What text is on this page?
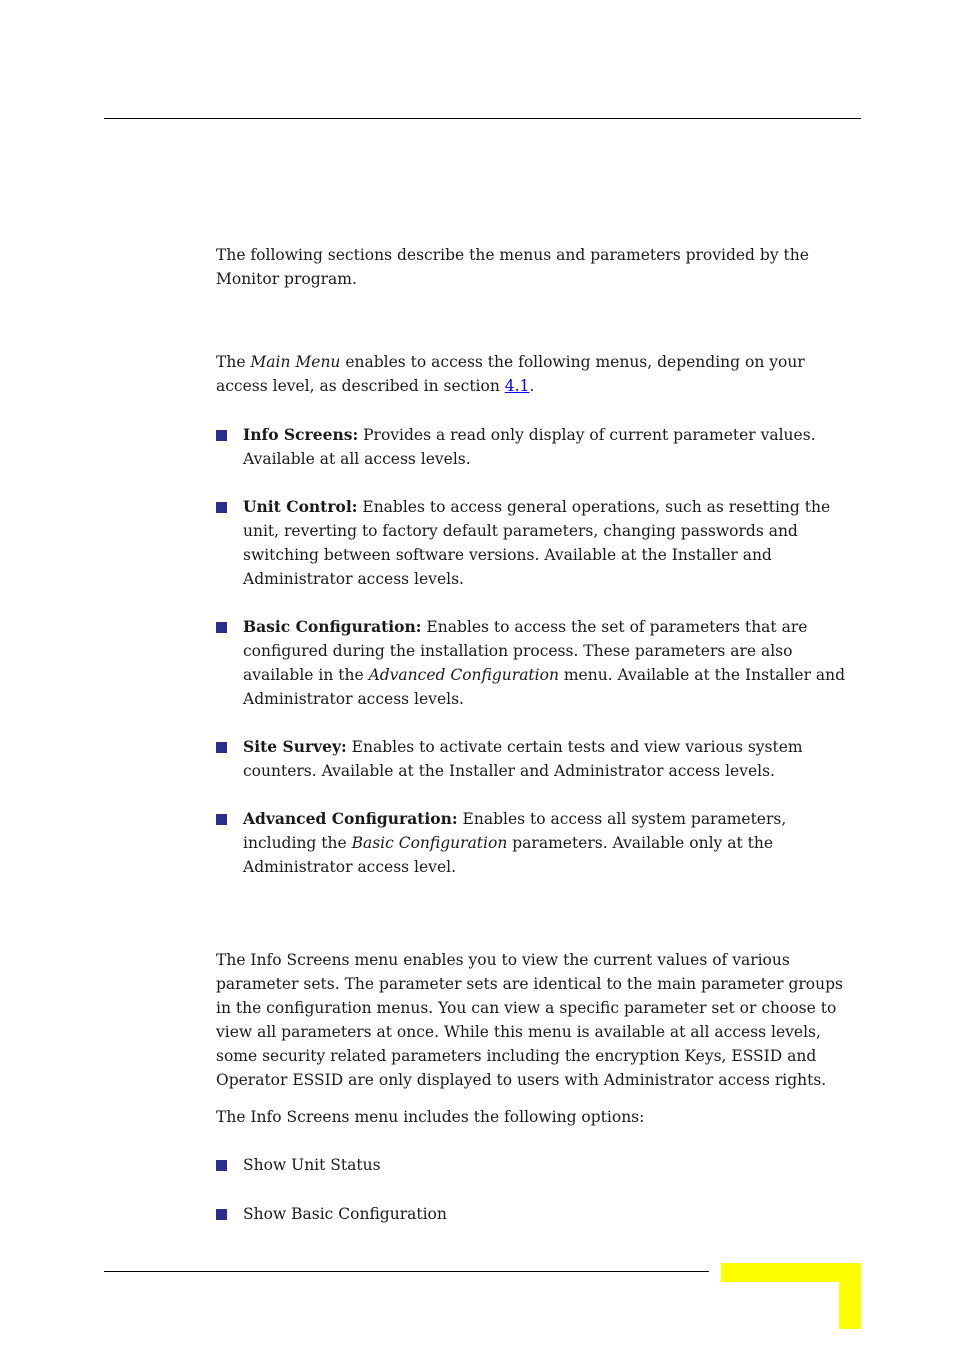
The following sections describe the menus and parameters provided by the Monitor program.

The Main Menu enables to access the following menus, depending on your access level, as described in section 4.1.

Info Screens: Provides a read only display of current parameter values. Available at all access levels.
Unit Control: Enables to access general operations, such as resetting the unit, reverting to factory default parameters, changing passwords and switching between software versions. Available at the Installer and Administrator access levels.
Basic Configuration: Enables to access the set of parameters that are configured during the installation process. These parameters are also available in the Advanced Configuration menu. Available at the Installer and Administrator access levels.
Site Survey: Enables to activate certain tests and view various system counters. Available at the Installer and Administrator access levels.
Advanced Configuration: Enables to access all system parameters, including the Basic Configuration parameters. Available only at the Administrator access level.

The Info Screens menu enables you to view the current values of various parameter sets. The parameter sets are identical to the main parameter groups in the configuration menus. You can view a specific parameter set or choose to view all parameters at once. While this menu is available at all access levels, some security related parameters including the encryption Keys, ESSID and Operator ESSID are only displayed to users with Administrator access rights.

The Info Screens menu includes the following options:

Show Unit Status
Show Basic Configuration
